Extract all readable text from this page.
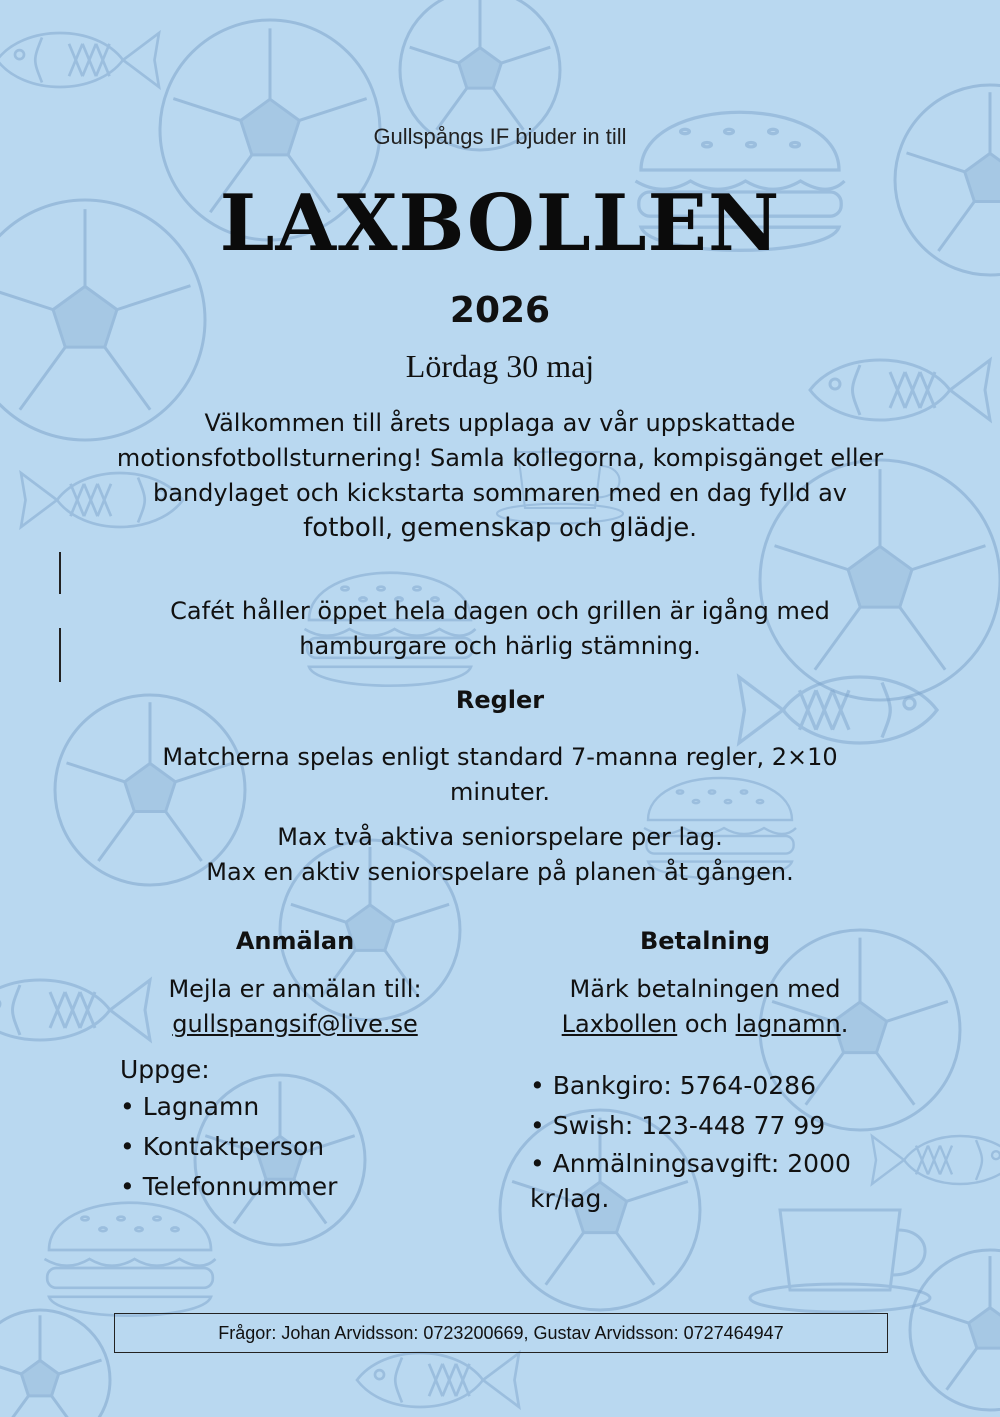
Gullspångs IF bjuder in till
LAXBOLLEN
2026
Lördag 30 maj
Välkommen till årets upplaga av vår uppskattade motionsfotbollsturnering! Samla kollegorna, kompisgänget eller bandylaget och kickstarta sommaren med en dag fylld av fotboll, gemenskap och glädje.
Cafét håller öppet hela dagen och grillen är igång med hamburgare och härlig stämning.
Regler
Matcherna spelas enligt standard 7-manna regler, 2×10 minuter.
Max två aktiva seniorspelare per lag.
Max en aktiv seniorspelare på planen åt gången.
Anmälan	Betalning
Mejla er anmälan till:
gullspangsif@live.se
Märk betalningen med
Laxbollen och lagnamn.
Uppge:
• Lagnamn
• Kontaktperson
• Telefonnummer
• Bankgiro: 5764-0286
• Swish: 123-448 77 99
• Anmälningsavgift: 2000 kr/lag.
Frågor: Johan Arvidsson: 0723200669, Gustav Arvidsson: 0727464947
